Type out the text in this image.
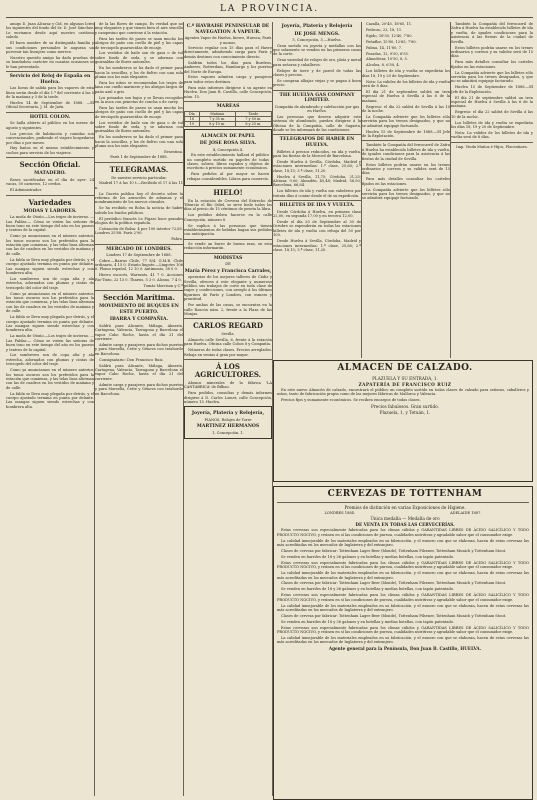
LA PROVINCIA.

amigo D. Juan Alcaraz y Cid, en algunos lotes los siguientes del fondo del Sr. D. José Sánchez. Le enviamos desde aquí nuestro cariñoso saludo.

El buen nombre de su distinguida familia y sus condiciones personales le auguran un porvenir tan lisonjero como merece.

Nuestro querido amigo ha dado pruebas de su bondadoso carácter en cuantas ocasiones se le han presentado.

Servicio del Reloj de España en Huelva.

Las horas de salida para los vapores de esta línea serán desde el día 1.º del corriente á las 5 de la mañana y 3 de la tarde.

Huelva 14 de Septiembre de 1888. —El Oficial Secretario, J. M. de Jaén.

HOTEL COLON.

Se halla abierto al público en los meses de agosto y siguientes.

Los precios de habitación y comidas son convencionales, pudiendo el viajero hospedarse por días o por meses.

Hay baños en el mismo establecimiento y coches para servicio de los viajeros.

Sección Oficial.

MATADERO.

Reses sacrificadas en el día de ayer: 24 vacas, 50 carneros, 12 cerdos.

El Administrador.

Variedades

MODAS Y LABORES.

La moda de Otoño.—Los trajes de invierno. —Las Faldas.— Cómo se visten las señoras de buen tono en este tiempo del año en los paseos y teatros de la capital.

Como ya anunciamos en el número anterior, los tonos oscuros son los preferidos para la estación que comienza, y las telas lisas alternan con las de cuadros en los vestidos de mañana y de calle.

La falda se lleva muy plegada por detrás, y el cuerpo ajustado termina en punta por delante. Las mangas siguen siendo estrechas y con hombrera alta.

Los sombreros son de copa alta y ala estrecha, adornados con plumas y cintas de terciopelo del color del traje.

Como ya anunciamos en el número anterior, los tonos oscuros son los preferidos para la estación que comienza, y las telas lisas alternan con las de cuadros en los vestidos de mañana y de calle.

La falda se lleva muy plegada por detrás, y el cuerpo ajustado termina en punta por delante. Las mangas siguen siendo estrechas y con hombrera alta.

La moda de Otoño.—Los trajes de invierno. —Las Faldas.— Cómo se visten las señoras de buen tono en este tiempo del año en los paseos y teatros de la capital.

Los sombreros son de copa alta y ala estrecha, adornados con plumas y cintas de terciopelo del color del traje.

Como ya anunciamos en el número anterior, los tonos oscuros son los preferidos para la estación que comienza, y las telas lisas alternan con las de cuadros en los vestidos de mañana y de calle.

La falda se lleva muy plegada por detrás, y el cuerpo ajustado termina en punta por delante. Las mangas siguen siendo estrechas y con hombrera alta.

de la las flores de campo. Es verdad que no muy elegantes y que tienen bien el aire sencillo y campesino que conviene á la estación.

Para las tardes de paseo se usan mucho los abrigos de paño con cuello de piel y las capas de terciopelo guarnecidas de encaje.

Los vestidos de baile son de gasa o de tul sobre fondo de seda, y se adornan con guirnaldas de flores naturales.

En los sombreros se ha dado el primer paso hacia la sencillez, y los de fieltro con una sola pluma son los más elegantes.

Para los niños se recomiendan los trajes de lana con cuello marinero y los abrigos largos de paño azul o gris.

Los peinados son bajos y se llevan recogidos en la nuca con peinetas de concha o de carey.

Para las tardes de paseo se usan mucho los abrigos de paño con cuello de piel y las capas de terciopelo guarnecidas de encaje.

Los vestidos de baile son de gasa o de tul sobre fondo de seda, y se adornan con guirnaldas de flores naturales.

En los sombreros se ha dado el primer paso hacia la sencillez, y los de fieltro con una sola pluma son los más elegantes.

Ernestina.

París 1 de Septiembre de 1888.

TELEGRAMAS.

De nuestro servicio particular.

Madrid 17 á las 10 t.—Recibido el 17 á las 11 n.

La Gaceta publica hoy el decreto sobre la reforma de los aranceles de aduanas y el nombramiento de los nuevos cónsules.

Se ha recibido en Bolsa la noticia de haber subido los fondos públicos.

El periódico francés Le Figaro hace grandes elogios de la política española.

Cotización de Bolsa: 4 por 100 interior 72,85. Londres 25'88. París 2'90.

Fabra.

MERCADO DE LONDRES.

Londres 17 de Septiembre de 1888.

Cobre.—Barras Chile, 77 8/4. G.M.B. Chile ordinario, 4 15 0. Estaño lingote.—Lingotes 106 0. Plomo español, 12 10 0. Antimonio, 38 0 0.

Hierro escocés, Warrants, 41 7 0. Acciones Rio-Tinto, 22 15 0. Tharsis, 5 3 0. Alosno, 7 4 0.

Tomás Morrison y C.ª

Sección Marítima.

MOVIMIENTO DE BUQUES EN ESTE PUERTO.

IBARRA Y COMPAÑIA.

Saldrá para Alicante, Málaga, Almería, Cartagena, Valencia, Tarragona y Barcelona el vapor Cabo Roche, hasta el día 21 del corriente.

Admite carga y pasajeros para dichos puertos y para Marsella, Cette y Génova con trasbordo en Barcelona.

Consignatario: Don Francisco Ruiz.

Saldrá para Alicante, Málaga, Almería, Cartagena, Valencia, Tarragona y Barcelona el vapor Cabo Roche, hasta el día 21 del corriente.

Admite carga y pasajeros para dichos puertos y para Marsella, Cette y Génova con trasbordo en Barcelona.

C.ª HAVRAISE PENINSULAR DE NAVEGATION Á VAPEUR.

Agentes Vapor de Huelva, hierro, Huesca, París y monos.

Servicio regular con 15 días para el Havre directamente, admitiendo carga para Paris y demás destinos con conocimiento directo.

Saldrán todos los días para Burdeos, Amberes, Rotterdam, Hamburgo y los puertos del Norte de Europa.

Estos vapores admiten carga y pasajeros para todos estos destinos.

Para más informes dirigirse á su agente en Huelva, Don Juan B. Castillo, calle Concepción, núm. 15.

MAREAS

Día	Mañana	Tarde
18	7 y 35 m.	7 y 50 m.
19	8 y 10 m.	8 y 25 m.

ALMACEN DE PAPEL

DE JOSE ROSA SILVA.

4, Concepción 4.

En este establecimiento hallará el público un completo surtido en papeles de todas clases, sobres, libros rayados y objetos de escritorio á precios sumamente económicos.

Para pedidos al por mayor se hacen rebajas considerables. Libros para comercio.

HIELO!

En la estación de Cerveza del Estrecho de Tiburcio el Río Odiel, se sirve hielo todos los días al precio de 15 céntimos de peseta la libra.

Los pedidos deben hacerse en la calle Concepción, número 8.

Se suplica á las personas que tienen establecimientos de bebidas hagan sus pedidos con anticipación.

Se vende un burro de buena raza, en esta redacción informarán.

MODISTAS

DE

María Pérez y Francisca Carrales,

operarias de los mejores talleres de Cádiz y Sevilla, ofrecen á este elegante y numeroso público sus trabajos de corte en toda clase de trajes y confecciones, con arreglo á los últimos figurines de París y Londres, con esmero y prontitud.

Por ambas de las casas, se encuentra en la calle Rascón núm. 2, frente a la Plaza de las Monjas.

CARLOS REGARD

Sevilla.

Almacén calle Sevilla, 6, frente á la estación para Huelva. Oficina calle Cobos 8 y Compañía.

Números de todas clases. Precios arreglados. Rebaja en ventas á gran por mayor.

Á LOS AGRICULTORES.

Abonos minerales de la fábrica 'LA CANTABRICA' de Bilbao.

Para pedidos, consultas y demás informes dirigirse á D. Carlos Lomet, calle Concepción, número 15. Huelva.

Joyería, Platería y Relojería,

PIANOS, Relojes de Torre

MARTINEZ HERMANOS

1, Concepción, 1.

Joyería, Platería y Relojería

DE JOSE MENGS.

5, Concepción, 5.—Huelva.

Gran surtido en joyería y medallas con las que solamente se venden en las primeras casas de la corte.

Gran variedad de relojes de oro, plata y metal para señoras y caballeros.

Relojes de torre y de pared de todas las clases y precios.

Se compran alhajas viejas y se pagan á buen precio.

THE HUELVA GAS COMPANY LIMITED.

Compañía de alumbrado y calefacción por gas en Huelva.

Las personas que deseen adquirir este sistema de alumbrado, pueden dirigirse á la Oficina de la Compañía, calle de Sagasta, donde se les informará de las condiciones.

TELEGRAFOS DE HABER EN HUELVA.

Billetes á precios reducidos, en ida y vuelta, para las fiestas de la Merced de Barcelona.

Desde Huelva á Sevilla, Córdoba, Madrid y estaciones intermedias: 1.ª clase, 25,60; 2.ª clase, 18,15; 3.ª clase, 11,20.

Huelva á Sevilla, 11,75; Córdoba, 21,25; Alcázar, 9,00; Almadén, 45,48; Madrid, 58,50; Barcelona, 66,84.

Los billetes de ida y vuelta son valederos por treinta días á contar desde el de su expedición.

BILLETES DE IDA Y VUELTA.

Desde Córdoba á Huelva, en primera clase 22,00, en segunda 17,00 y en tercera 12,00.

Desde el día 20 de Septiembre al 30 de Octubre se expenderán en todas las estaciones billetes de ida y vuelta con rebaja del 50 por 100.

Desde Huelva á Sevilla, Córdoba, Madrid y estaciones intermedias: 1.ª clase, 25,60; 2.ª clase, 18,15; 3.ª clase, 11,20.

Cazalla, 20'45, 16'65, 11.

Pedroso, 23, 18, 11.

Egido, 16'30, 12'40, 7'80.

Peñaflor, 15'80, 12'65, 7'80.

Palma, 14, 11'80, 7.

Posadas, 12, 9'50, 6'55.

Almodóvar, 10'50, 8, 5.

Alcolea, 8, 6'50, 4.

Los billetes de ida y vuelta se expedirán los días 18, 19 y 20 de Septiembre.

Nota: La validez de los billetes de ida y vuelta será de 8 días.

El día 21 de septiembre saldrá un tren especial de Huelva á Sevilla á las 6 de la mañana.

Regreso: el día 22 saldrá de Sevilla á las 10 de la noche.

La Compañía advierte que los billetes sólo servirán para los trenes designados, y que no se admitirá equipaje facturado.

Huelva 15 de Septiembre de 1888.—El Jefe de la Explotación.

También la Compañía del ferrocarril de Zafra á Huelva ha establecido billetes de ida y vuelta, de iguales condiciones para la asistencia á las fiestas de la ciudad de Sevilla.

Estos billetes podrán usarse en los trenes ordinarios y correos y su validez será de 15 días.

Para más detalles consultar los carteles fijados en las estaciones.

La Compañía advierte que los billetes sólo servirán para los trenes designados, y que no se admitirá equipaje facturado.

También la Compañía del ferrocarril de Zafra á Huelva ha establecido billetes de ida y vuelta, de iguales condiciones para la asistencia á las fiestas de la ciudad de Sevilla.

Estos billetes podrán usarse en los trenes ordinarios y correos y su validez será de 15 días.

Para más detalles consultar los carteles fijados en las estaciones.

La Compañía advierte que los billetes sólo servirán para los trenes designados, y que no se admitirá equipaje facturado.

Huelva 15 de Septiembre de 1888.—El Jefe de la Explotación.

El día 21 de septiembre saldrá un tren especial de Huelva á Sevilla á las 6 de la mañana.

Regreso: el día 22 saldrá de Sevilla á las 10 de la noche.

Los billetes de ida y vuelta se expedirán los días 18, 19 y 20 de Septiembre.

Nota: La validez de los billetes de ida y vuelta será de 8 días.

Imp. Viuda Muñoz é Hijos, Placentines.

ALMACEN DE CALZADO.

PLAZUELA Y SU ENTRADA, 1.

ZAPATERÍA DE FRANCISCO RUIZ

En este nuevo Almacén de calzado, encontrará el público un completo surtido en todas clases de calzado para señoras, caballeros y niños, tanto de fabricación propia como de las mejores fábricas de Mallorca y Valencia.

Precios fijos y sumamente económicos. Se reciben encargos de todas clases.

Precios fabulosos. Gran surtido.

Plazuela, 1, y Tetuán, 1.

CERVEZAS DE TOTTENHAM

Premios de distinción en varias Exposiciones de Higiene.

LONDRES 1884.	ADELAIDE 1887.

Única medalla — Medalla de oro

DE VENTA EN TODAS LAS CERVECERÍAS.

Estas cervezas son especialmente fabricadas para los climas cálidos y GARANTIDAS LIBRES DE ÁCIDO SALICÍLICO Y TODO PRODUCTO NOCIVO, y reúnen en sí las condiciones de pureza, cualidades nutritivas y agradable sabor que el consumidor exige.

La calidad inmejorable de los materiales empleados en su fabricación, y el esmero con que se elaboran, hacen de estas cervezas las más acreditadas en los mercados de Inglaterra y del extranjero.

Clases de cerveza por fabricar: Tottenham Lager Beer (blonde), Tottenham Pilsener, Tottenham Munich y Tottenham Stout.

Se venden en barriles de 18 y 36 galones y en botellas y medias botellas, con tapón patentado.

Estas cervezas son especialmente fabricadas para los climas cálidos y GARANTIDAS LIBRES DE ÁCIDO SALICÍLICO Y TODO PRODUCTO NOCIVO, y reúnen en sí las condiciones de pureza, cualidades nutritivas y agradable sabor que el consumidor exige.

La calidad inmejorable de los materiales empleados en su fabricación, y el esmero con que se elaboran, hacen de estas cervezas las más acreditadas en los mercados de Inglaterra y del extranjero.

Clases de cerveza por fabricar: Tottenham Lager Beer (blonde), Tottenham Pilsener, Tottenham Munich y Tottenham Stout.

Se venden en barriles de 18 y 36 galones y en botellas y medias botellas, con tapón patentado.

Estas cervezas son especialmente fabricadas para los climas cálidos y GARANTIDAS LIBRES DE ÁCIDO SALICÍLICO Y TODO PRODUCTO NOCIVO, y reúnen en sí las condiciones de pureza, cualidades nutritivas y agradable sabor que el consumidor exige.

La calidad inmejorable de los materiales empleados en su fabricación, y el esmero con que se elaboran, hacen de estas cervezas las más acreditadas en los mercados de Inglaterra y del extranjero.

Clases de cerveza por fabricar: Tottenham Lager Beer (blonde), Tottenham Pilsener, Tottenham Munich y Tottenham Stout.

Se venden en barriles de 18 y 36 galones y en botellas y medias botellas, con tapón patentado.

Estas cervezas son especialmente fabricadas para los climas cálidos y GARANTIDAS LIBRES DE ÁCIDO SALICÍLICO Y TODO PRODUCTO NOCIVO, y reúnen en sí las condiciones de pureza, cualidades nutritivas y agradable sabor que el consumidor exige.

La calidad inmejorable de los materiales empleados en su fabricación, y el esmero con que se elaboran, hacen de estas cervezas las más acreditadas en los mercados de Inglaterra y del extranjero.

Agente general para la Península, Don Juan B. Castillo, HUELVA.
